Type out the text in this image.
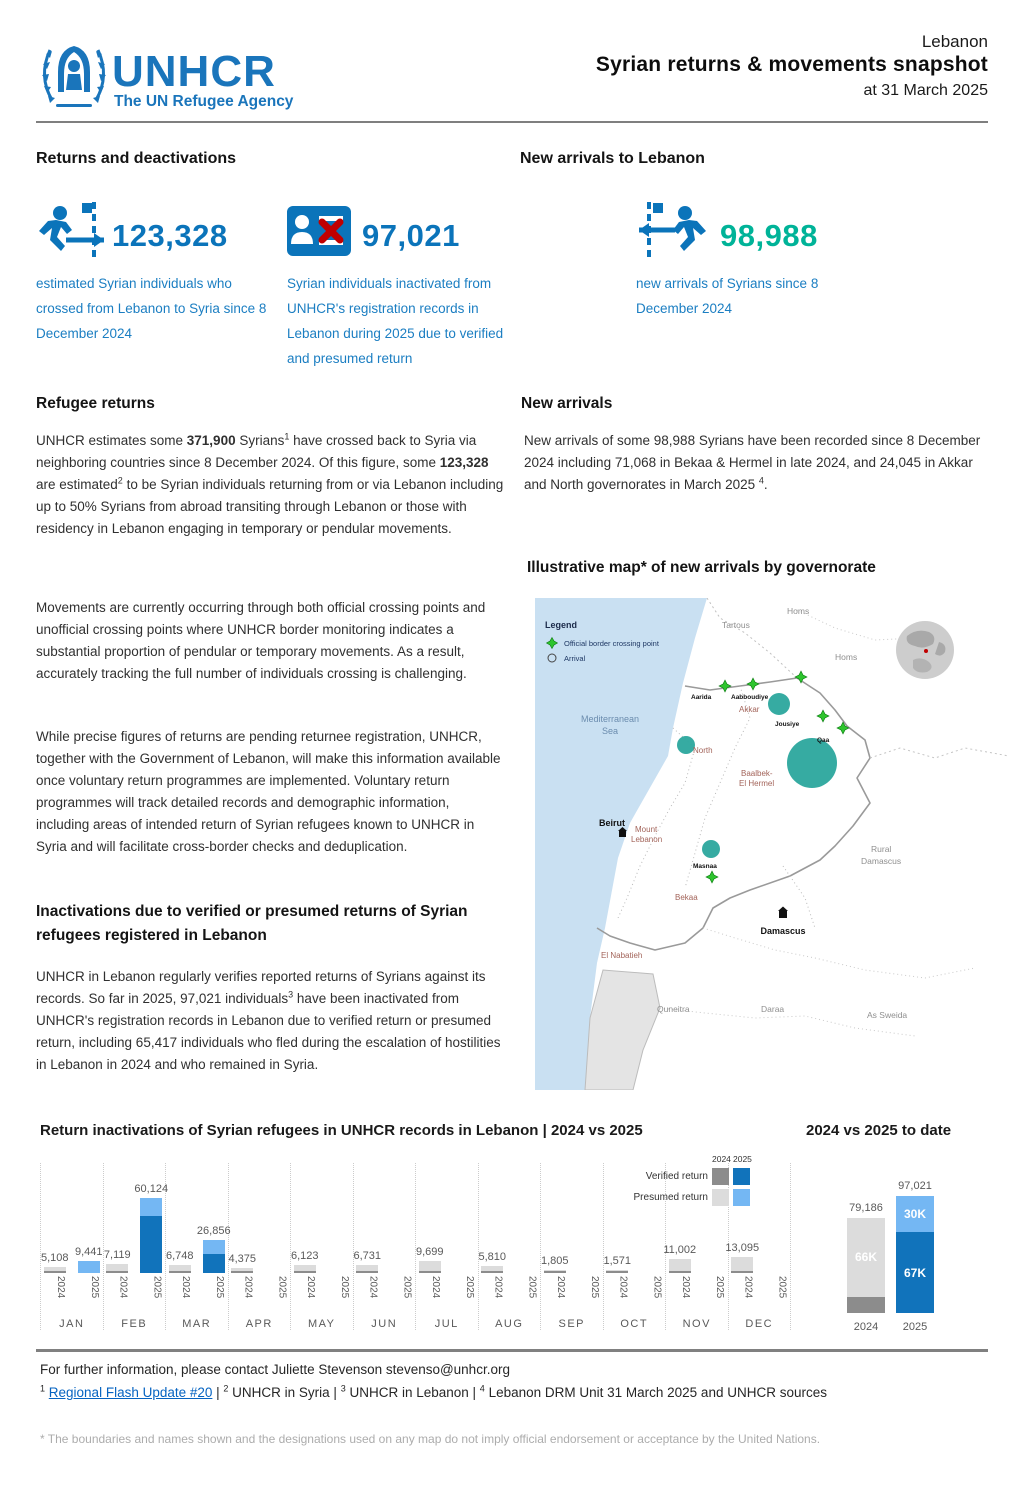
UNHCR
The UN Refugee Agency
Lebanon
Syrian returns & movements snapshot
at 31 March 2025
Returns and deactivations	New arrivals to Lebanon
123,328
estimated Syrian individuals who crossed from Lebanon to Syria since 8 December 2024
97,021
Syrian individuals inactivated from UNHCR's registration records in Lebanon during 2025 due to verified and presumed return
98,988
new arrivals of Syrians since 8 December 2024
Refugee returns
UNHCR estimates some 371,900 Syrians$^1$ have crossed back to Syria via neighboring countries since 8 December 2024. Of this figure, some 123,328 are estimated$^2$ to be Syrian individuals returning from or via Lebanon including up to 50% Syrians from abroad transiting through Lebanon or those with residency in Lebanon engaging in temporary or pendular movements.
Movements are currently occurring through both official crossing points and unofficial crossing points where UNHCR border monitoring indicates a substantial proportion of pendular or temporary movements. As a result, accurately tracking the full number of individuals crossing is challenging.
While precise figures of returns are pending returnee registration, UNHCR, together with the Government of Lebanon, will make this information available once voluntary return programmes are implemented. Voluntary return programmes will track detailed records and demographic information, including areas of intended return of Syrian refugees known to UNHCR in Syria and will facilitate cross-border checks and deduplication.
Inactivations due to verified or presumed returns of Syrian refugees registered in Lebanon
UNHCR in Lebanon regularly verifies reported returns of Syrians against its records. So far in 2025, 97,021 individuals$^3$ have been inactivated from UNHCR's registration records in Lebanon due to verified return or presumed return, including 65,417 individuals who fled during the escalation of hostilities in Lebanon in 2024 and who remained in Syria.
New arrivals
New arrivals of some 98,988 Syrians have been recorded since 8 December 2024 including 71,068 in Bekaa & Hermel in late 2024, and 24,045 in Akkar and North governorates in March 2025 $^4$.
Illustrative map* of new arrivals by governorate
Legend
Official border crossing point
Arrival
Mediterranean
Sea
Tartous
Homs
Homs
Akkar
North
Baalbek-
El Hermel
Mount
Lebanon
Beirut
Bekaa
El Nabatieh
Rural
Damascus
Damascus
Quneitra	Daraa
As Sweida
Masnaa
Qaa
Aarida	Aabboudiye
Jousiye
Return inactivations of Syrian refugees in UNHCR records in Lebanon | 2024 vs 2025	2024 vs 2025 to date
5,108 9,441
2024	2025
JAN
7,119
60,124
2024	2025
FEB
6,748
26,856
2024	2025
MAR
4,375
2024	2025
APR
6,123
2024	2025
MAY
6,731
2024	2025
JUN
9,699
2024	2025
JUL
5,810
2024	2025
AUG
1,805
2024	2025
SEP
1,571
2024	2025
OCT
11,002
2024	2025
NOV
13,095
2024	2025
DEC
2024 2025
Verified return
Presumed return
66K
79,186
2024
30K
67K
97,021
2025
For further information, please contact Juliette Stevenson stevenso@unhcr.org
$^1$ Regional Flash Update #20 | $^2$ UNHCR in Syria | $^3$ UNHCR in Lebanon | $^4$ Lebanon DRM Unit 31 March 2025 and UNHCR sources
* The boundaries and names shown and the designations used on any map do not imply official endorsement or acceptance by the United Nations.
